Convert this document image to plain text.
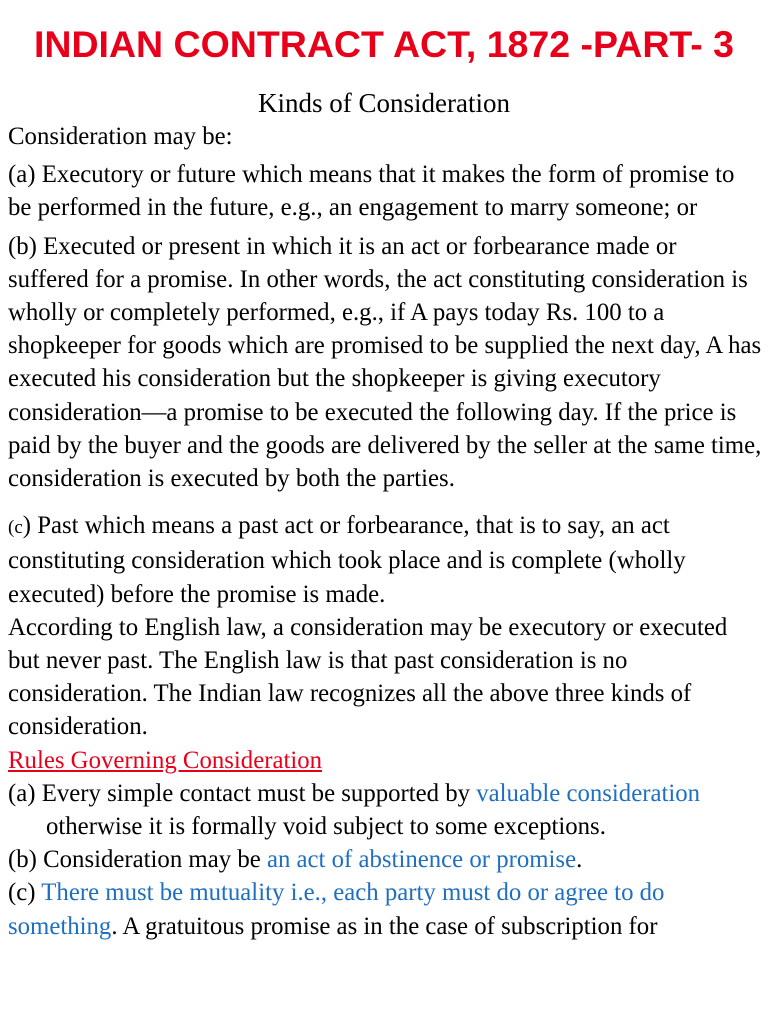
INDIAN CONTRACT ACT, 1872 -PART- 3
Kinds of Consideration

Consideration may be:

(a) Executory or future which means that it makes the form of promise to be performed in the future, e.g., an engagement to marry someone; or

(b) Executed or present in which it is an act or forbearance made or suffered for a promise. In other words, the act constituting consideration is wholly or completely performed, e.g., if A pays today Rs. 100 to a shopkeeper for goods which are promised to be supplied the next day, A has executed his consideration but the shopkeeper is giving executory consideration—a promise to be executed the following day. If the price is paid by the buyer and the goods are delivered by the seller at the same time, consideration is executed by both the parties.

(c) Past which means a past act or forbearance, that is to say, an act constituting consideration which took place and is complete (wholly executed) before the promise is made.

According to English law, a consideration may be executory or executed but never past. The English law is that past consideration is no consideration. The Indian law recognizes all the above three kinds of consideration.

Rules Governing Consideration

(a) Every simple contact must be supported by valuable consideration otherwise it is formally void subject to some exceptions.

(b) Consideration may be an act of abstinence or promise.

(c) There must be mutuality i.e., each party must do or agree to do something. A gratuitous promise as in the case of subscription for
